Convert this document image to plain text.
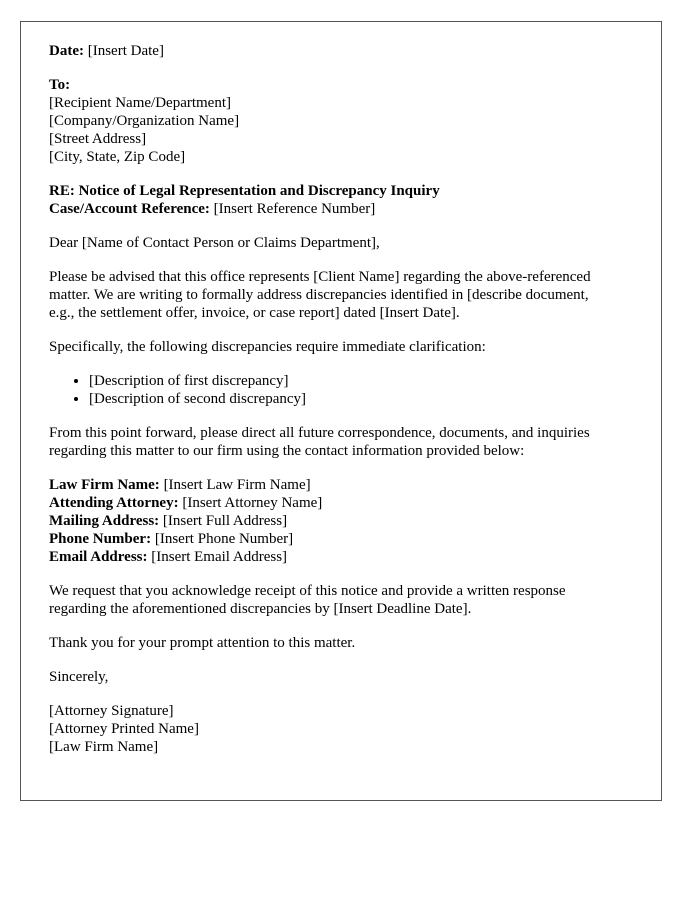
Date: [Insert Date]

To:
[Recipient Name/Department]
[Company/Organization Name]
[Street Address]
[City, State, Zip Code]

RE: Notice of Legal Representation and Discrepancy Inquiry
Case/Account Reference: [Insert Reference Number]

Dear [Name of Contact Person or Claims Department],

Please be advised that this office represents [Client Name] regarding the above-referenced
matter. We are writing to formally address discrepancies identified in [describe document,
e.g., the settlement offer, invoice, or case report] dated [Insert Date].

Specifically, the following discrepancies require immediate clarification:

• [Description of first discrepancy]
• [Description of second discrepancy]

From this point forward, please direct all future correspondence, documents, and inquiries
regarding this matter to our firm using the contact information provided below:

Law Firm Name: [Insert Law Firm Name]
Attending Attorney: [Insert Attorney Name]
Mailing Address: [Insert Full Address]
Phone Number: [Insert Phone Number]
Email Address: [Insert Email Address]

We request that you acknowledge receipt of this notice and provide a written response
regarding the aforementioned discrepancies by [Insert Deadline Date].

Thank you for your prompt attention to this matter.

Sincerely,

[Attorney Signature]
[Attorney Printed Name]
[Law Firm Name]
